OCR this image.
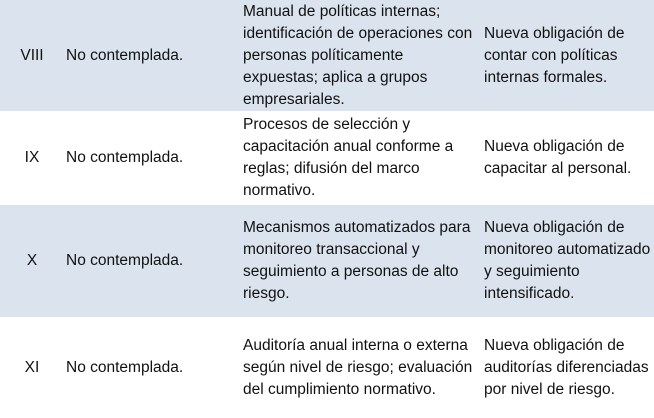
VIII	No contemplada.	Manual de políticas internas; identificación de operaciones con personas políticamente expuestas; aplica a grupos empresariales.	Nueva obligación de contar con políticas internas formales.
IX	No contemplada.	Procesos de selección y capacitación anual conforme a reglas; difusión del marco normativo.	Nueva obligación de capacitar al personal.
X	No contemplada.	Mecanismos automatizados para monitoreo transaccional y seguimiento a personas de alto riesgo.	Nueva obligación de monitoreo automatizado y seguimiento intensificado.
XI	No contemplada.	Auditoría anual interna o externa según nivel de riesgo; evaluación del cumplimiento normativo.	Nueva obligación de auditorías diferenciadas por nivel de riesgo.
